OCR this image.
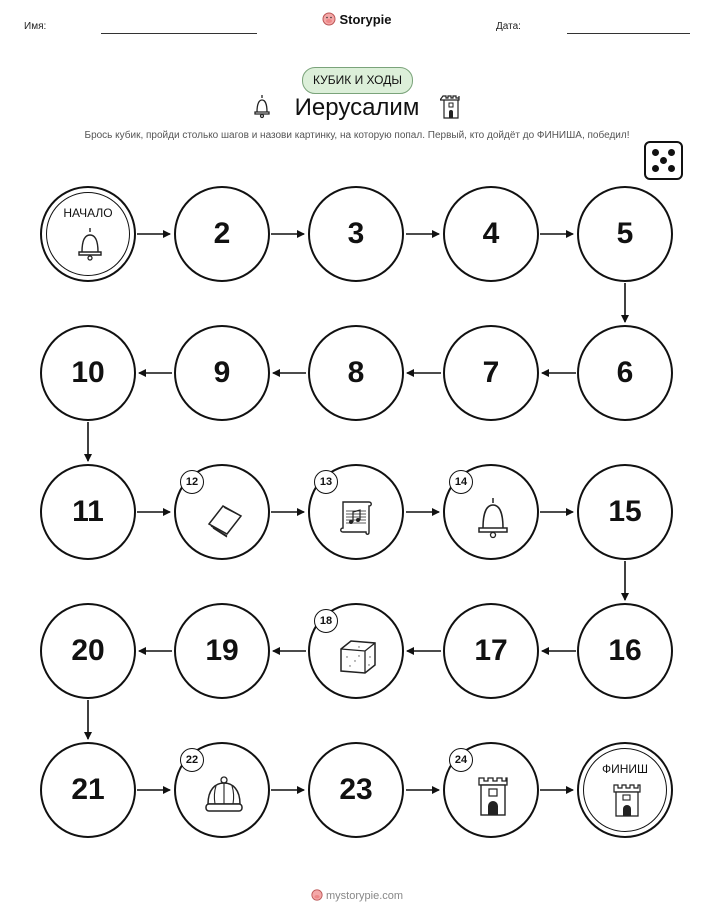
Имя:	Storypie	Дата:
КУБИК И ХОДЫ
Иерусалим
Брось кубик, пройди столько шагов и назови картинку, на которую попал. Первый, кто дойдёт до ФИНИША, победил!
НАЧАЛО
2	3	4	5
10	9	8	7	6
11
12	13	14
15
20	19
18
17	16
21
22
23
24
ФИНИШ
mystorypie.com
